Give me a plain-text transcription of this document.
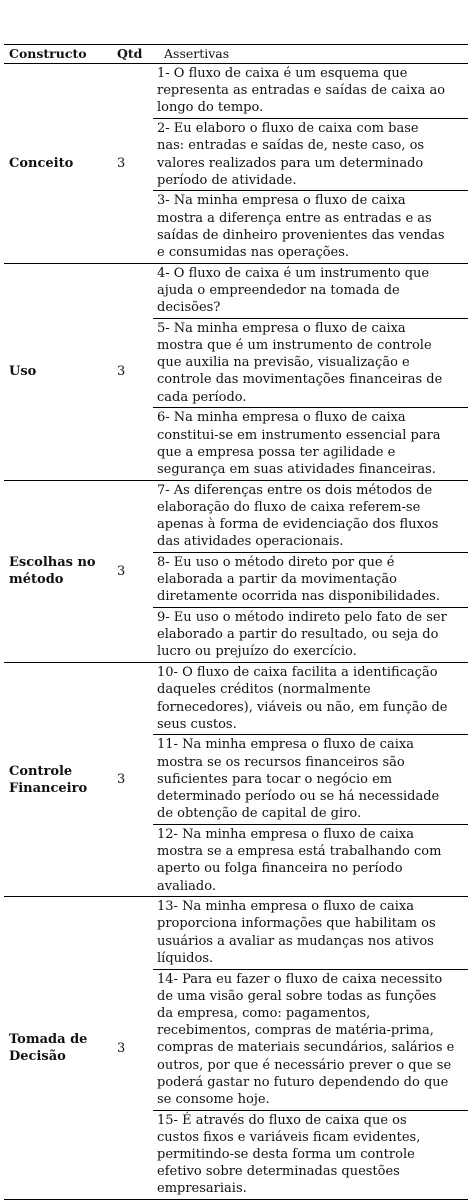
Constructo Qtd Assertivas
1- O fluxo de caixa é um esquema que
representa as entradas e saídas de caixa ao
longo do tempo.
2- Eu elaboro o fluxo de caixa com base
nas: entradas e saídas de, neste caso, os
valores realizados para um determinado
período de atividade.
3- Na minha empresa o fluxo de caixa
mostra a diferença entre as entradas e as
saídas de dinheiro provenientes das vendas
e consumidas nas operações.
Conceito	3
4- O fluxo de caixa é um instrumento que
ajuda o empreendedor na tomada de
decisões?
5- Na minha empresa o fluxo de caixa
mostra que é um instrumento de controle
que auxilia na previsão, visualização e
controle das movimentações financeiras de
cada período.
6- Na minha empresa o fluxo de caixa
constitui-se em instrumento essencial para
que a empresa possa ter agilidade e
segurança em suas atividades financeiras.
Uso	3
7- As diferenças entre os dois métodos de
elaboração do fluxo de caixa referem-se
apenas à forma de evidenciação dos fluxos
das atividades operacionais.
8- Eu uso o método direto por que é
elaborada a partir da movimentação
diretamente ocorrida nas disponibilidades.
9- Eu uso o método indireto pelo fato de ser
elaborado a partir do resultado, ou seja do
lucro ou prejuízo do exercício.
Escolhas no método
3
10- O fluxo de caixa facilita a identificação
daqueles créditos (normalmente
fornecedores), viáveis ou não, em função de
seus custos.
11- Na minha empresa o fluxo de caixa
mostra se os recursos financeiros são
suficientes para tocar o negócio em
determinado período ou se há necessidade
de obtenção de capital de giro.
12- Na minha empresa o fluxo de caixa
mostra se a empresa está trabalhando com
aperto ou folga financeira no período
avaliado.
Controle Financeiro
3
13- Na minha empresa o fluxo de caixa
proporciona informações que habilitam os
usuários a avaliar as mudanças nos ativos
líquidos.
14- Para eu fazer o fluxo de caixa necessito
de uma visão geral sobre todas as funções
da empresa, como: pagamentos,
recebimentos, compras de matéria-prima,
compras de materiais secundários, salários e
outros, por que é necessário prever o que se
poderá gastar no futuro dependendo do que
se consome hoje.
15- É através do fluxo de caixa que os
custos fixos e variáveis ficam evidentes,
permitindo-se desta forma um controle
efetivo sobre determinadas questões
empresariais.
Tomada de Decisão
3
